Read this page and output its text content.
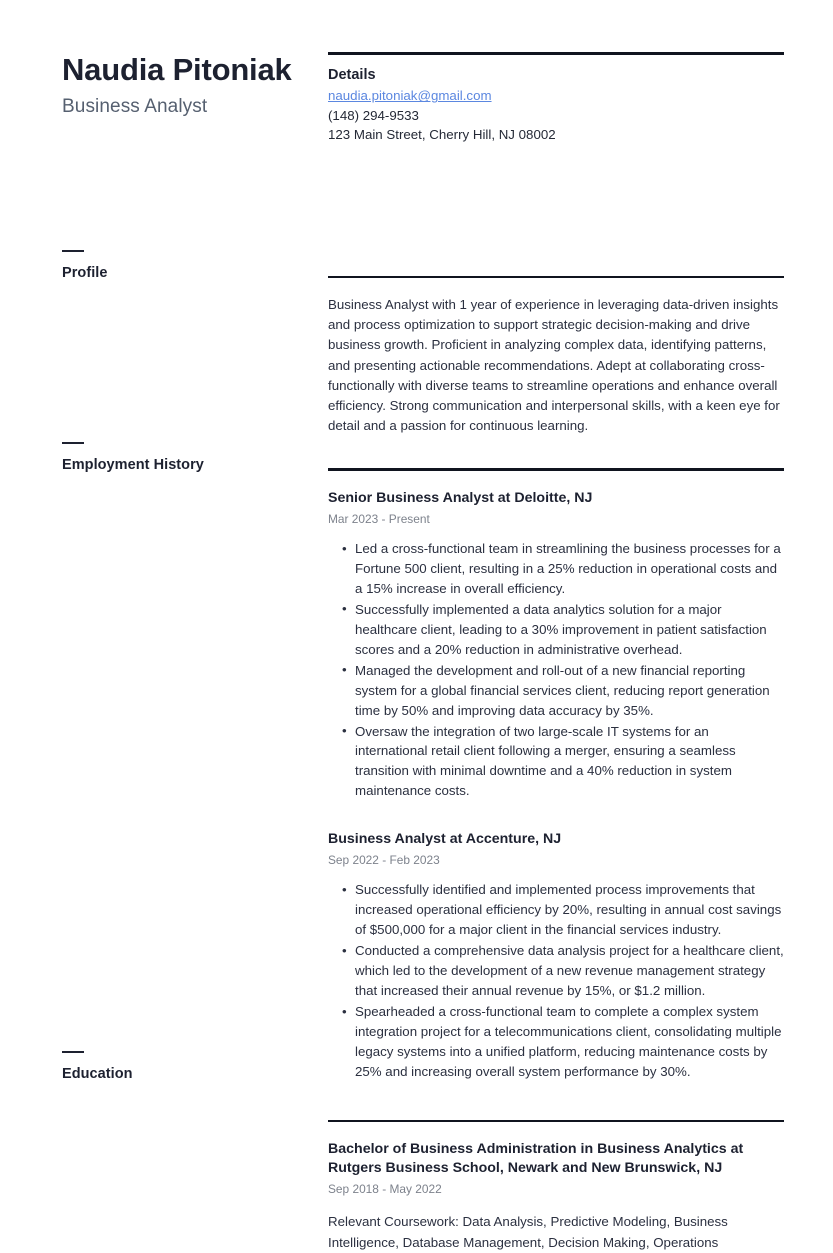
Naudia Pitoniak
Business Analyst
Profile
Employment History
Education
Details
naudia.pitoniak@gmail.com
(148) 294-9533
123 Main Street, Cherry Hill, NJ 08002
Business Analyst with 1 year of experience in leveraging data-driven insights and process optimization to support strategic decision-making and drive business growth. Proficient in analyzing complex data, identifying patterns, and presenting actionable recommendations. Adept at collaborating cross-functionally with diverse teams to streamline operations and enhance overall efficiency. Strong communication and interpersonal skills, with a keen eye for detail and a passion for continuous learning.
Senior Business Analyst at Deloitte, NJ
Mar 2023 - Present
• Led a cross-functional team in streamlining the business processes for a Fortune 500 client, resulting in a 25% reduction in operational costs and a 15% increase in overall efficiency.
• Successfully implemented a data analytics solution for a major healthcare client, leading to a 30% improvement in patient satisfaction scores and a 20% reduction in administrative overhead.
• Managed the development and roll-out of a new financial reporting system for a global financial services client, reducing report generation time by 50% and improving data accuracy by 35%.
• Oversaw the integration of two large-scale IT systems for an international retail client following a merger, ensuring a seamless transition with minimal downtime and a 40% reduction in system maintenance costs.
Business Analyst at Accenture, NJ
Sep 2022 - Feb 2023
• Successfully identified and implemented process improvements that increased operational efficiency by 20%, resulting in annual cost savings of $500,000 for a major client in the financial services industry.
• Conducted a comprehensive data analysis project for a healthcare client, which led to the development of a new revenue management strategy that increased their annual revenue by 15%, or $1.2 million.
• Spearheaded a cross-functional team to complete a complex system integration project for a telecommunications client, consolidating multiple legacy systems into a unified platform, reducing maintenance costs by 25% and increasing overall system performance by 30%.
Bachelor of Business Administration in Business Analytics at Rutgers Business School, Newark and New Brunswick, NJ
Sep 2018 - May 2022
Relevant Coursework: Data Analysis, Predictive Modeling, Business Intelligence, Database Management, Decision Making, Operations
